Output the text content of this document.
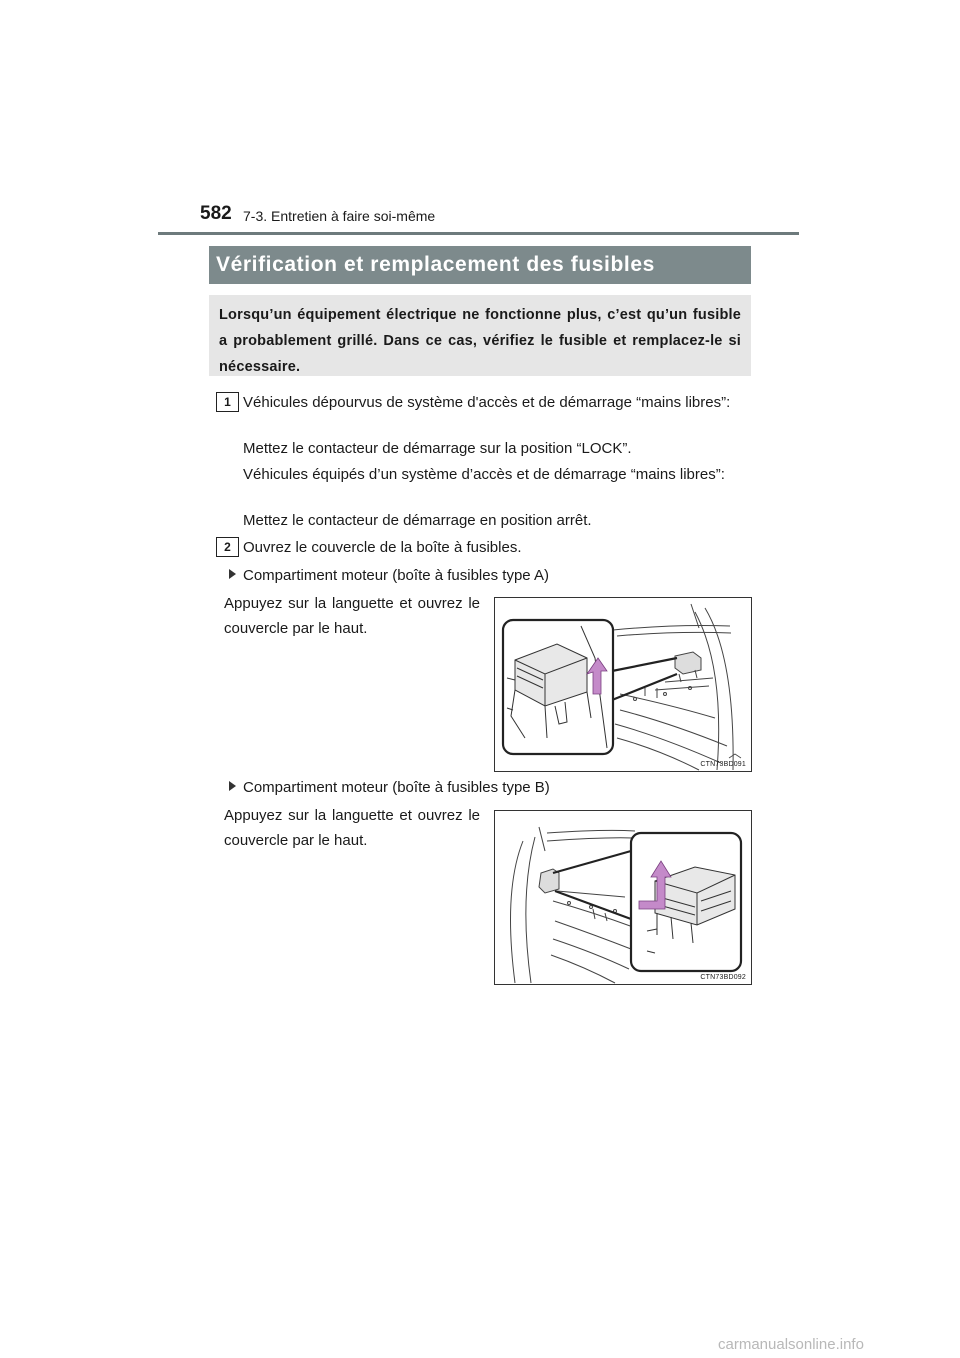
582 7-3. Entretien à faire soi-même
Vérification et remplacement des fusibles
Lorsqu’un équipement électrique ne fonctionne plus, c’est qu’un fusible a probablement grillé. Dans ce cas, vérifiez le fusible et remplacez-le si nécessaire.
1 Véhicules dépourvus de système d'accès et de démarrage “mains libres”:

Mettez le contacteur de démarrage sur la position “LOCK”.

Véhicules équipés d’un système d’accès et de démarrage “mains libres”:

Mettez le contacteur de démarrage en position arrêt.
2 Ouvrez le couvercle de la boîte à fusibles.
Compartiment moteur (boîte à fusibles type A)

Appuyez sur la languette et ouvrez le couvercle par le haut.

CTN73BD091
Compartiment moteur (boîte à fusibles type B)

Appuyez sur la languette et ouvrez le couvercle par le haut.

CTN73BD092
carmanualsonline.info
